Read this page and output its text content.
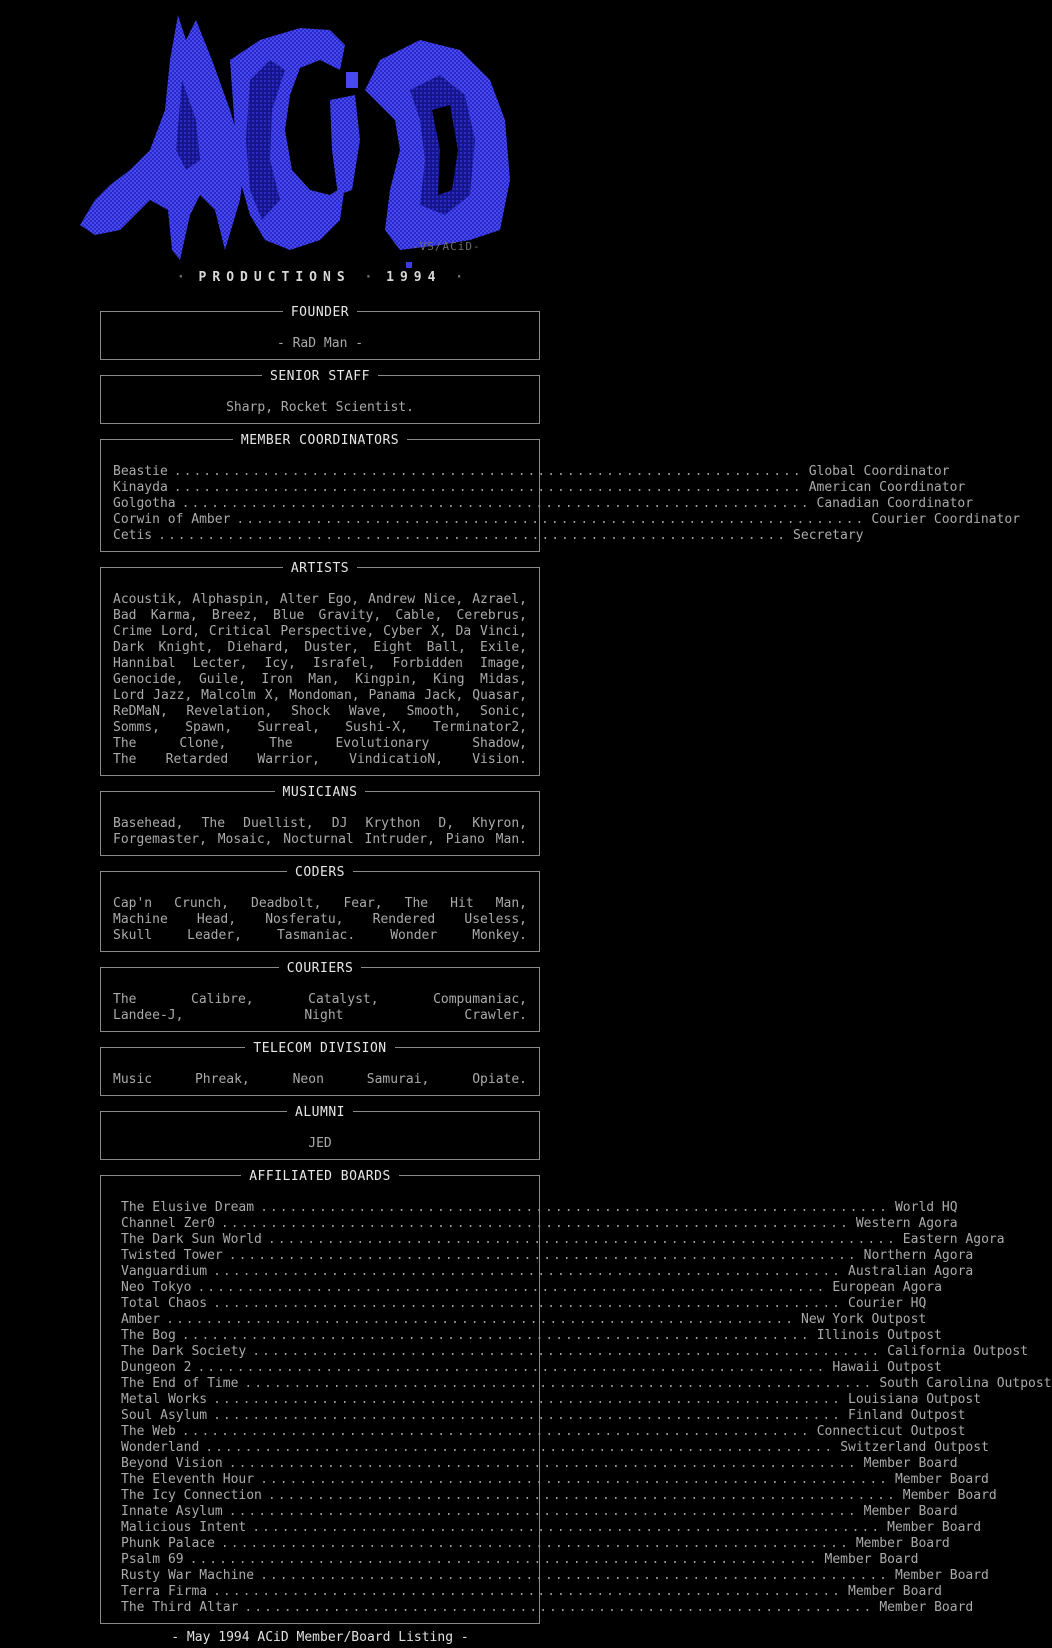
-VS/ACiD-
· PRODUCTIONS · 1994 ·
FOUNDER
- RaD Man -
SENIOR STAFF
Sharp, Rocket Scientist.
MEMBER COORDINATORS
Beastie ................................................................ Global Coordinator
Kinayda ................................................................ American Coordinator
Golgotha ................................................................ Canadian Coordinator
Corwin of Amber ................................................................ Courier Coordinator
Cetis ................................................................ Secretary
ARTISTS
Acoustik, Alphaspin, Alter Ego, Andrew Nice, Azrael,
Bad Karma, Breez, Blue Gravity, Cable, Cerebrus,
Crime Lord, Critical Perspective, Cyber X, Da Vinci,
Dark Knight, Diehard, Duster, Eight Ball, Exile,
Hannibal Lecter, Icy, Israfel, Forbidden Image,
Genocide, Guile, Iron Man, Kingpin, King Midas,
Lord Jazz, Malcolm X, Mondoman, Panama Jack, Quasar,
ReDMaN, Revelation, Shock Wave, Smooth, Sonic,
Somms, Spawn, Surreal, Sushi-X, Terminator2,
The Clone, The Evolutionary Shadow,
The Retarded Warrior, VindicatioN, Vision.
MUSICIANS
Basehead, The Duellist, DJ Krython D, Khyron,
Forgemaster, Mosaic, Nocturnal Intruder, Piano Man.
CODERS
Cap'n Crunch, Deadbolt, Fear, The Hit Man,
Machine Head, Nosferatu, Rendered Useless,
Skull Leader, Tasmaniac. Wonder Monkey.
COURIERS
The Calibre, Catalyst, Compumaniac,
Landee-J, Night Crawler.
TELECOM DIVISION
Music Phreak, Neon Samurai, Opiate.
ALUMNI
JED
AFFILIATED BOARDS
The Elusive Dream ................................................................ World HQ
Channel Zer0 ................................................................ Western Agora
The Dark Sun World ................................................................ Eastern Agora
Twisted Tower ................................................................ Northern Agora
Vanguardium ................................................................ Australian Agora
Neo Tokyo ................................................................ European Agora
Total Chaos ................................................................ Courier HQ
Amber ................................................................ New York Outpost
The Bog ................................................................ Illinois Outpost
The Dark Society ................................................................ California Outpost
Dungeon 2 ................................................................ Hawaii Outpost
The End of Time ................................................................ South Carolina Outpost
Metal Works ................................................................ Louisiana Outpost
Soul Asylum ................................................................ Finland Outpost
The Web ................................................................ Connecticut Outpost
Wonderland ................................................................ Switzerland Outpost
Beyond Vision ................................................................ Member Board
The Eleventh Hour ................................................................ Member Board
The Icy Connection ................................................................ Member Board
Innate Asylum ................................................................ Member Board
Malicious Intent ................................................................ Member Board
Phunk Palace ................................................................ Member Board
Psalm 69 ................................................................ Member Board
Rusty War Machine ................................................................ Member Board
Terra Firma ................................................................ Member Board
The Third Altar ................................................................ Member Board
- May 1994 ACiD Member/Board Listing -
